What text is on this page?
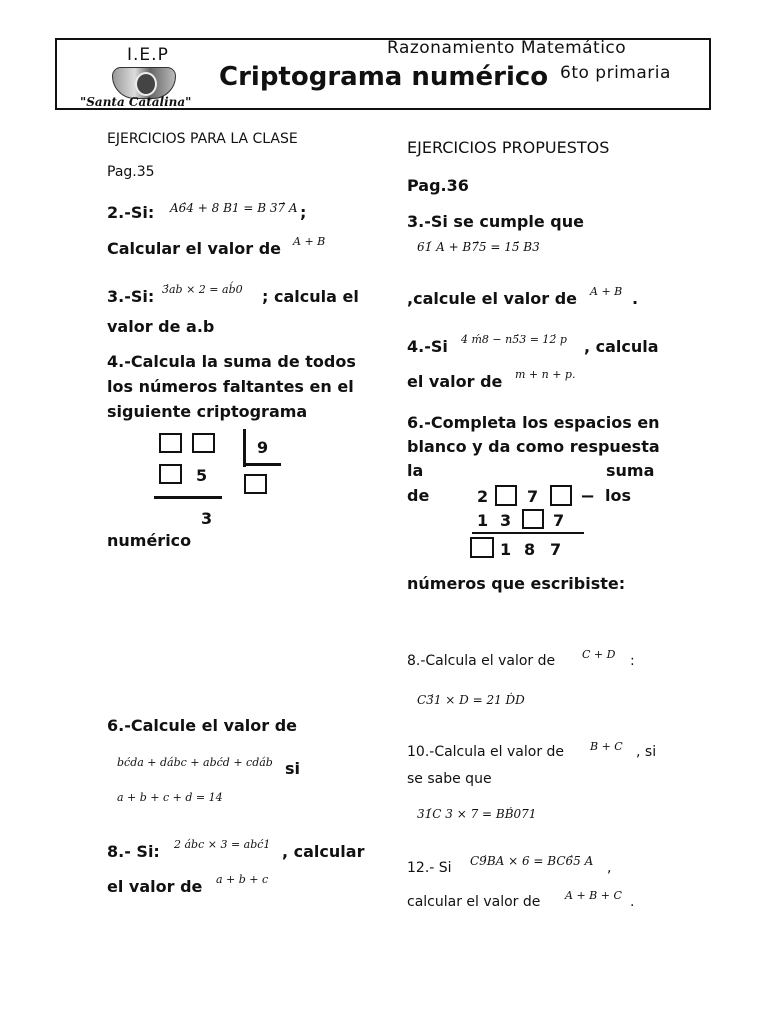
I.E.P
"Santa Catalina"
Razonamiento Matemático
Criptograma numérico 6to primaria
EJERCICIOS PARA LA CLASE
Pag.35
2.-Si: A6́4 + 8 B1 = B 37́ A ;
Calcular el valor de A + B
3.-Si: 3́ab × 2 = ab́0 ; calcula el
valor de a.b
4.-Calcula la suma de todos
los números faltantes en el
siguiente criptograma
9
5
3
numérico
6.-Calcule el valor de
bćda + dábc + abćd + cdáb si
a + b + c + d = 14
8.- Si: 2 ábc × 3 = abć1 , calcular
el valor de a + b + c
EJERCICIOS PROPUESTOS
Pag.36
3.-Si se cumple que
61́ A + B7́5 = 15́ B3
,calcule el valor de A + B .
4.-Si 4 ḿ8 − n5́3 = 12́ p , calcula
el valor de m + n + p.
6.-Completa los espacios en
blanco y da como respuesta
la	suma
de	los
2 7 −
1 3	7
1 8 7
números que escribiste:
8.-Calcula el valor de C + D :
C3́1 × D = 21 ḊD
10.-Calcula el valor de B + C , si
se sabe que
31́C 3 × 7 = BB́071
12.- Si C9́BA × 6 = BC6́5 A ,
calcular el valor de A + B + C .
